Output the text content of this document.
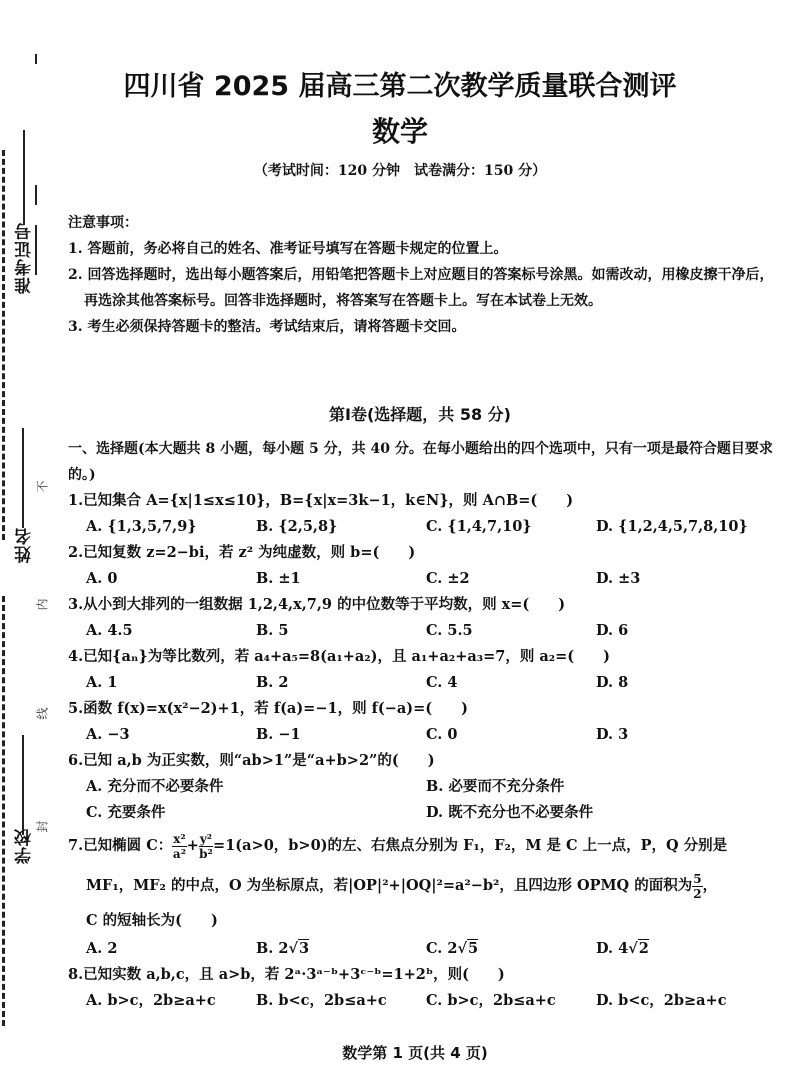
准考证号
姓名
学校
不
内
线
封
四川省 2025 届高三第二次教学质量联合测评
数学
（考试时间：120 分钟　试卷满分：150 分）
注意事项：
1. 答题前，务必将自己的姓名、准考证号填写在答题卡规定的位置上。
2. 回答选择题时，选出每小题答案后，用铅笔把答题卡上对应题目的答案标号涂黑。如需改动，用橡皮擦干净后，再选涂其他答案标号。回答非选择题时，将答案写在答题卡上。写在本试卷上无效。
3. 考生必须保持答题卡的整洁。考试结束后，请将答题卡交回。
第Ⅰ卷(选择题，共 58 分)
一、选择题(本大题共 8 小题，每小题 5 分，共 40 分。在每小题给出的四个选项中，只有一项是最符合题目要求的。)
1.已知集合 A={x|1≤x≤10}，B={x|x=3k−1，k∈N}，则 A∩B=(　　)
A. {1,3,5,7,9}	B. {2,5,8}	C. {1,4,7,10}	D. {1,2,4,5,7,8,10}
2.已知复数 z=2−bi，若 z² 为纯虚数，则 b=(　　)
A. 0	B. ±1	C. ±2	D. ±3
3.从小到大排列的一组数据 1,2,4,x,7,9 的中位数等于平均数，则 x=(　　)
A. 4.5	B. 5	C. 5.5	D. 6
4.已知{aₙ}为等比数列，若 a₄+a₅=8(a₁+a₂)，且 a₁+a₂+a₃=7，则 a₂=(　　)
A. 1	B. 2	C. 4	D. 8
5.函数 f(x)=x(x²−2)+1，若 f(a)=−1，则 f(−a)=(　　)
A. −3	B. −1	C. 0	D. 3
6.已知 a,b 为正实数，则“ab>1”是“a+b>2”的(　　)
A. 充分而不必要条件	B. 必要而不充分条件
C. 充要条件	D. 既不充分也不必要条件
7.已知椭圆 C： $\frac{\text{x²}}{\text{a²}} + \frac{\text{y²}}{\text{b²}} =1(a>0$，b>0)的左、右焦点分别为 F₁，F₂，M 是 C 上一点，P，Q 分别是
MF₁，MF₂ 的中点，O 为坐标原点，若|OP|²+|OQ|²=a²−b²，且四边形 OPMQ 的面积为 $\frac{5}{2}$ ，
C 的短轴长为(　　)
A. 2	B. 2√3	C. 2√5	D. 4√2
8.已知实数 a,b,c，且 a>b，若 2ᵃ·3ᵃ⁻ᵇ+3ᶜ⁻ᵇ=1+2ᵇ，则(　　)
A. b>c，2b≥a+c	B. b<c，2b≤a+c	C. b>c，2b≤a+c	D. b<c，2b≥a+c
数学第 1 页(共 4 页)
